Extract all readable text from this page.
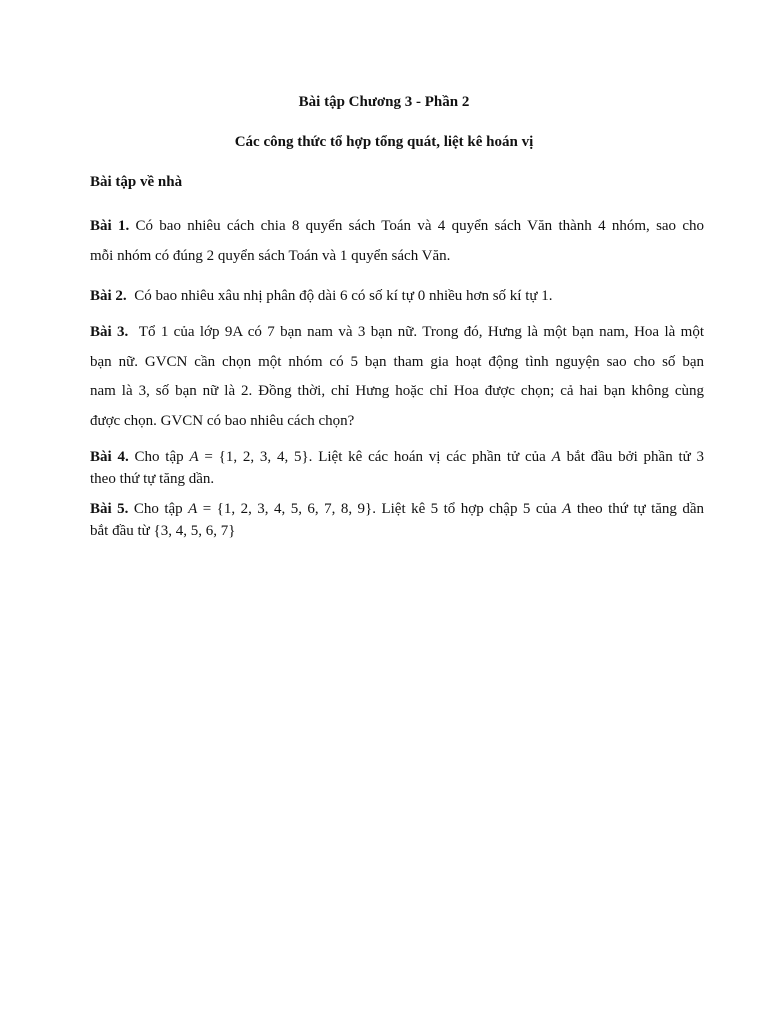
Bài tập Chương 3 - Phần 2
Các công thức tổ hợp tổng quát, liệt kê hoán vị
Bài tập về nhà
Bài 1. Có bao nhiêu cách chia 8 quyển sách Toán và 4 quyển sách Văn thành 4 nhóm, sao cho
mỗi nhóm có đúng 2 quyển sách Toán và 1 quyển sách Văn.
Bài 2. Có bao nhiêu xâu nhị phân độ dài 6 có số kí tự 0 nhiều hơn số kí tự 1.
Bài 3. Tổ 1 của lớp 9A có 7 bạn nam và 3 bạn nữ. Trong đó, Hưng là một bạn nam, Hoa là một
bạn nữ. GVCN cần chọn một nhóm có 5 bạn tham gia hoạt động tình nguyện sao cho số bạn
nam là 3, số bạn nữ là 2. Đồng thời, chỉ Hưng hoặc chỉ Hoa được chọn; cả hai bạn không cùng
được chọn. GVCN có bao nhiêu cách chọn?
Bài 4. Cho tập A = {1, 2, 3, 4, 5}. Liệt kê các hoán vị các phần tử của A bắt đầu bởi phần tử 3
theo thứ tự tăng dần.
Bài 5. Cho tập A = {1, 2, 3, 4, 5, 6, 7, 8, 9}. Liệt kê 5 tổ hợp chập 5 của A theo thứ tự tăng dần
bắt đầu từ {3, 4, 5, 6, 7}
